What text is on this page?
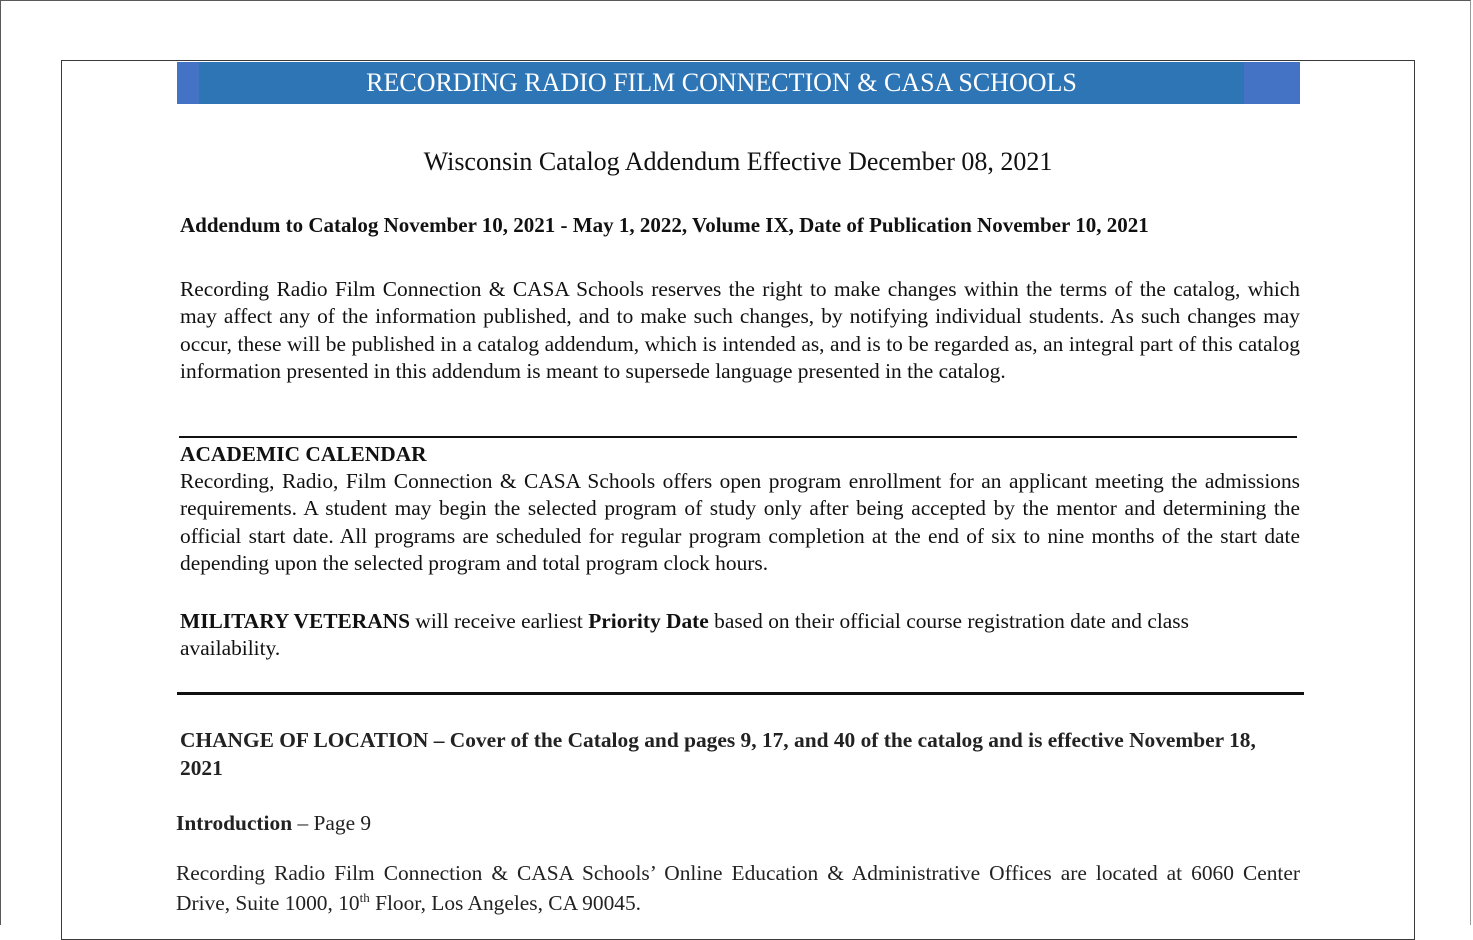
RECORDING RADIO FILM CONNECTION & CASA SCHOOLS
Wisconsin Catalog Addendum Effective December 08, 2021
Addendum to Catalog November 10, 2021 - May 1, 2022, Volume IX, Date of Publication November 10, 2021
Recording Radio Film Connection & CASA Schools reserves the right to make changes within the terms of the catalog, which may affect any of the information published, and to make such changes, by notifying individual students. As such changes may occur, these will be published in a catalog addendum, which is intended as, and is to be regarded as, an integral part of this catalog information presented in this addendum is meant to supersede language presented in the catalog.
ACADEMIC CALENDAR
Recording, Radio, Film Connection & CASA Schools offers open program enrollment for an applicant meeting the admissions requirements. A student may begin the selected program of study only after being accepted by the mentor and determining the official start date. All programs are scheduled for regular program completion at the end of six to nine months of the start date depending upon the selected program and total program clock hours.
MILITARY VETERANS will receive earliest Priority Date based on their official course registration date and class availability.
CHANGE OF LOCATION – Cover of the Catalog and pages 9, 17, and 40 of the catalog and is effective November 18, 2021
Introduction – Page 9
Recording Radio Film Connection & CASA Schools’ Online Education & Administrative Offices are located at 6060 Center Drive, Suite 1000, 10th Floor, Los Angeles, CA 90045.
